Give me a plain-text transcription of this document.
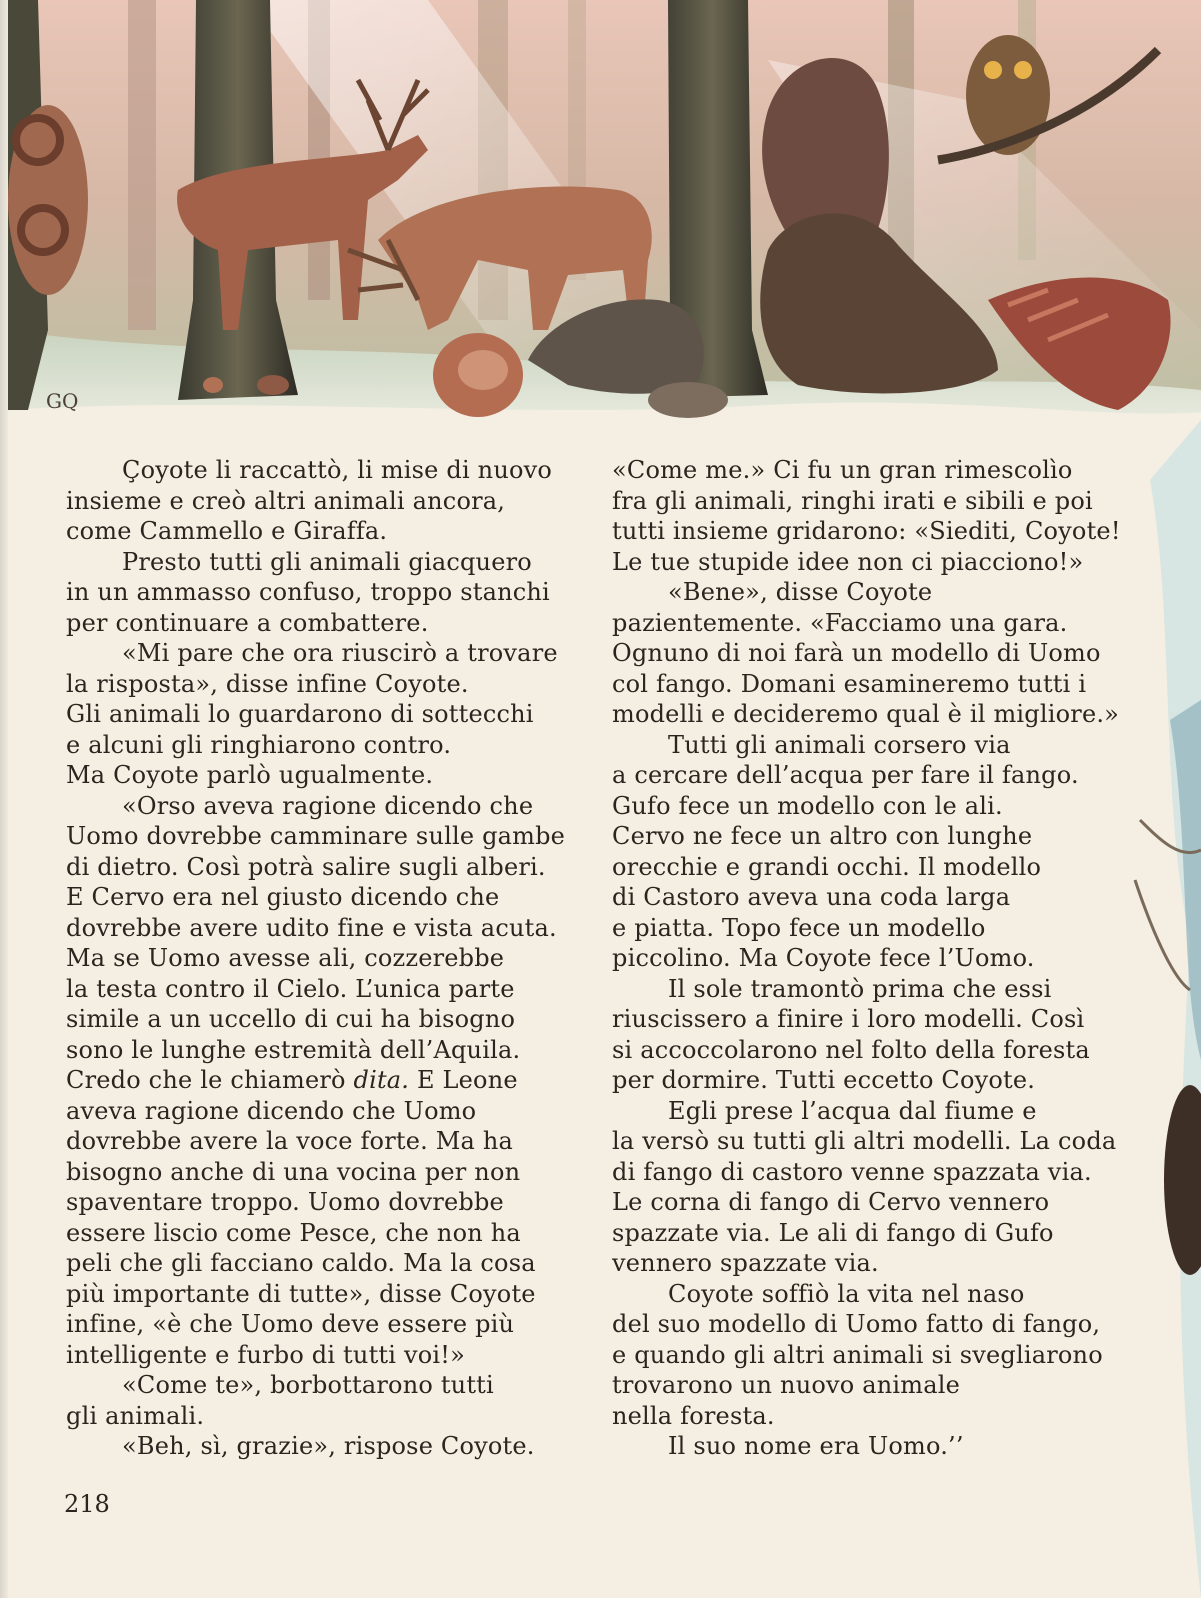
GQ
Çoyote li raccattò, li mise di nuovo
insieme e creò altri animali ancora,
come Cammello e Giraffa.
Presto tutti gli animali giacquero
in un ammasso confuso, troppo stanchi
per continuare a combattere.
«Mi pare che ora riuscirò a trovare
la risposta», disse infine Coyote.
Gli animali lo guardarono di sottecchi
e alcuni gli ringhiarono contro.
Ma Coyote parlò ugualmente.
«Orso aveva ragione dicendo che
Uomo dovrebbe camminare sulle gambe
di dietro. Così potrà salire sugli alberi.
E Cervo era nel giusto dicendo che
dovrebbe avere udito fine e vista acuta.
Ma se Uomo avesse ali, cozzerebbe
la testa contro il Cielo. L’unica parte
simile a un uccello di cui ha bisogno
sono le lunghe estremità dell’Aquila.
Credo che le chiamerò dita. E Leone
aveva ragione dicendo che Uomo
dovrebbe avere la voce forte. Ma ha
bisogno anche di una vocina per non
spaventare troppo. Uomo dovrebbe
essere liscio come Pesce, che non ha
peli che gli facciano caldo. Ma la cosa
più importante di tutte», disse Coyote
infine, «è che Uomo deve essere più
intelligente e furbo di tutti voi!»
«Come te», borbottarono tutti
gli animali.
«Beh, sì, grazie», rispose Coyote.
«Come me.» Ci fu un gran rimescolìo
fra gli animali, ringhi irati e sibili e poi
tutti insieme gridarono: «Siediti, Coyote!
Le tue stupide idee non ci piacciono!»
«Bene», disse Coyote
pazientemente. «Facciamo una gara.
Ognuno di noi farà un modello di Uomo
col fango. Domani esamineremo tutti i
modelli e decideremo qual è il migliore.»
Tutti gli animali corsero via
a cercare dell’acqua per fare il fango.
Gufo fece un modello con le ali.
Cervo ne fece un altro con lunghe
orecchie e grandi occhi. Il modello
di Castoro aveva una coda larga
e piatta. Topo fece un modello
piccolino. Ma Coyote fece l’Uomo.
Il sole tramontò prima che essi
riuscissero a finire i loro modelli. Così
si accoccolarono nel folto della foresta
per dormire. Tutti eccetto Coyote.
Egli prese l’acqua dal fiume e
la versò su tutti gli altri modelli. La coda
di fango di castoro venne spazzata via.
Le corna di fango di Cervo vennero
spazzate via. Le ali di fango di Gufo
vennero spazzate via.
Coyote soffiò la vita nel naso
del suo modello di Uomo fatto di fango,
e quando gli altri animali si svegliarono
trovarono un nuovo animale
nella foresta.
Il suo nome era Uomo.’’
218
